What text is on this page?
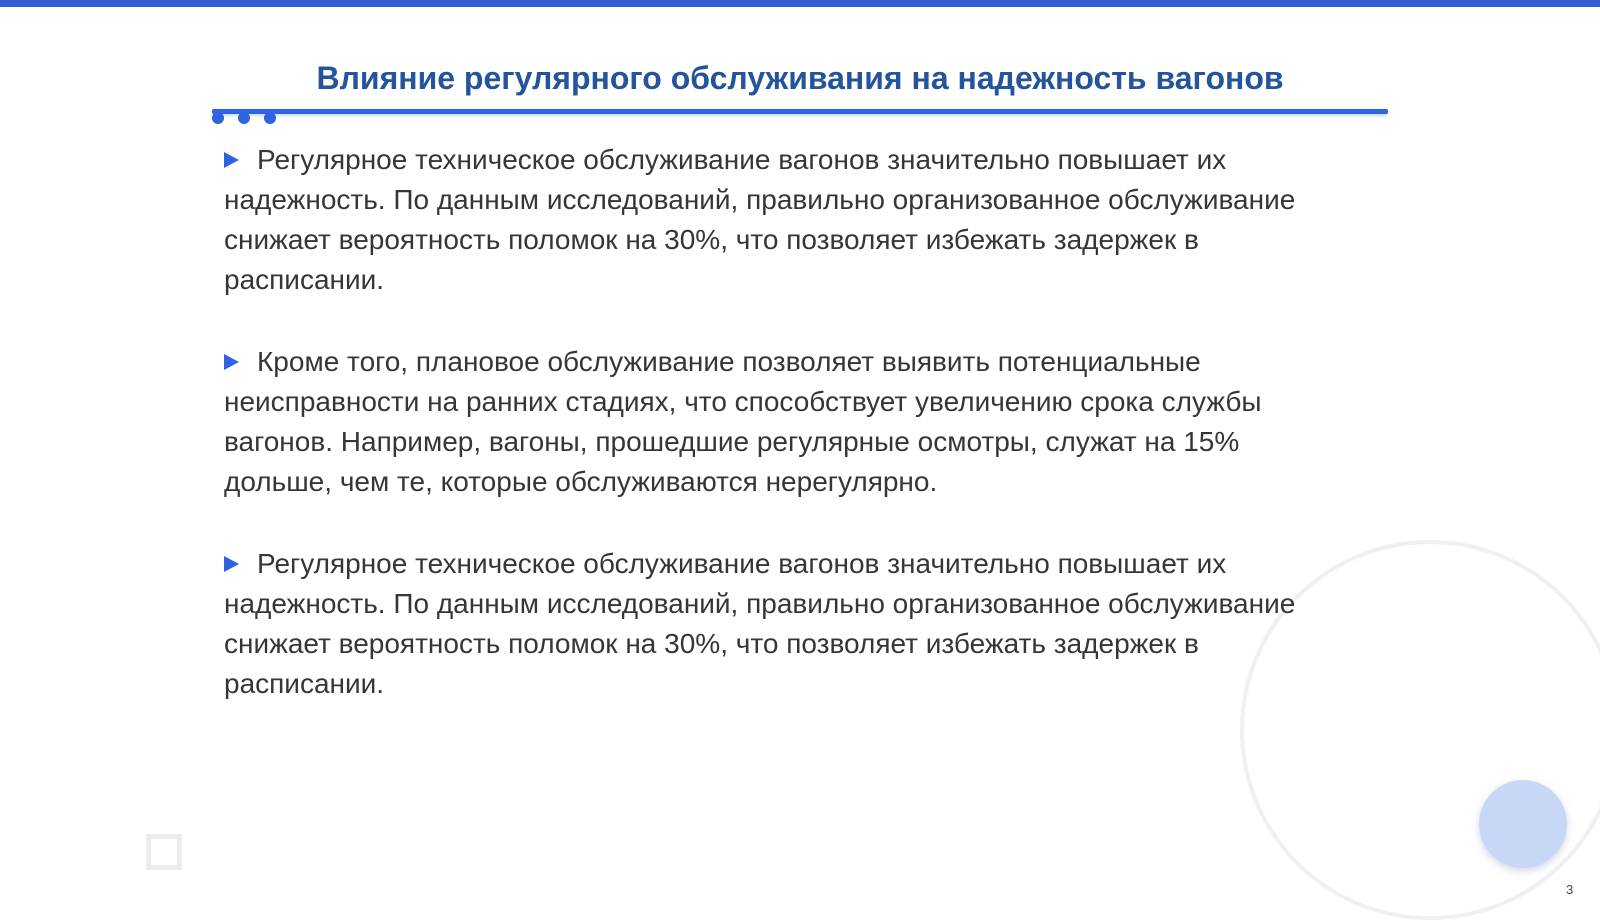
Влияние регулярного обслуживания на надежность вагонов

Регулярное техническое обслуживание вагонов значительно повышает их надежность. По данным исследований, правильно организованное обслуживание снижает вероятность поломок на 30%, что позволяет избежать задержек в расписании.

Кроме того, плановое обслуживание позволяет выявить потенциальные неисправности на ранних стадиях, что способствует увеличению срока службы вагонов. Например, вагоны, прошедшие регулярные осмотры, служат на 15% дольше, чем те, которые обслуживаются нерегулярно.

Регулярное техническое обслуживание вагонов значительно повышает их надежность. По данным исследований, правильно организованное обслуживание снижает вероятность поломок на 30%, что позволяет избежать задержек в расписании.

3
